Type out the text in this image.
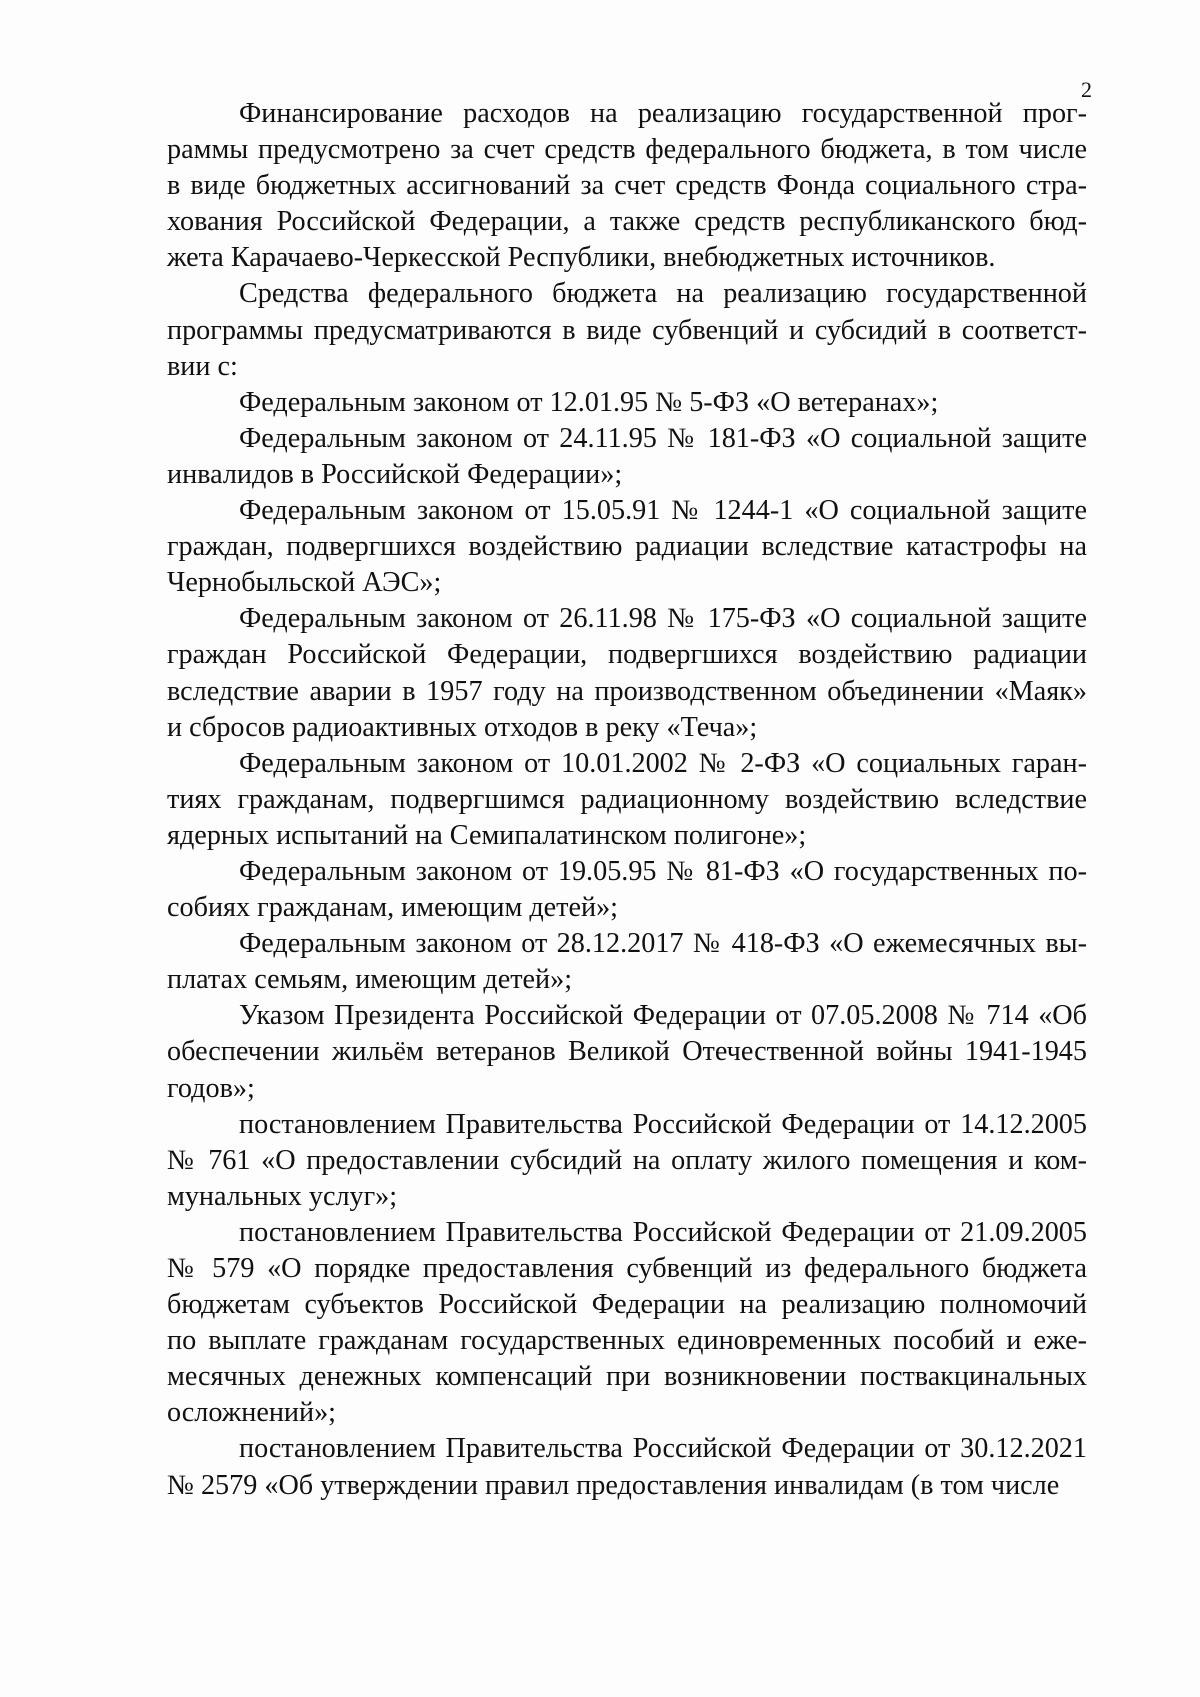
2
Финансирование расходов на реализацию государственной прог-
раммы предусмотрено за счет средств федерального бюджета, в том числе
в виде бюджетных ассигнований за счет средств Фонда социального стра-
хования Российской Федерации, а также средств республиканского бюд-
жета Карачаево-Черкесской Республики, внебюджетных источников.
Средства федерального бюджета на реализацию государственной
программы предусматриваются в виде субвенций и субсидий в соответст-
вии с:
Федеральным законом от 12.01.95 № 5-ФЗ «О ветеранах»;
Федеральным законом от 24.11.95 № 181-ФЗ «О социальной защите
инвалидов в Российской Федерации»;
Федеральным законом от 15.05.91 № 1244-1 «О социальной защите
граждан, подвергшихся воздействию радиации вследствие катастрофы на
Чернобыльской АЭС»;
Федеральным законом от 26.11.98 № 175-ФЗ «О социальной защите
граждан Российской Федерации, подвергшихся воздействию радиации
вследствие аварии в 1957 году на производственном объединении «Маяк»
и сбросов радиоактивных отходов в реку «Теча»;
Федеральным законом от 10.01.2002 № 2-ФЗ «О социальных гаран-
тиях гражданам, подвергшимся радиационному воздействию вследствие
ядерных испытаний на Семипалатинском полигоне»;
Федеральным законом от 19.05.95 № 81-ФЗ «О государственных по-
собиях гражданам, имеющим детей»;
Федеральным законом от 28.12.2017 № 418-ФЗ «О ежемесячных вы-
платах семьям, имеющим детей»;
Указом Президента Российской Федерации от 07.05.2008 № 714 «Об
обеспечении жильём ветеранов Великой Отечественной войны 1941-1945
годов»;
постановлением Правительства Российской Федерации от 14.12.2005
№ 761 «О предоставлении субсидий на оплату жилого помещения и ком-
мунальных услуг»;
постановлением Правительства Российской Федерации от 21.09.2005
№ 579 «О порядке предоставления субвенций из федерального бюджета
бюджетам субъектов Российской Федерации на реализацию полномочий
по выплате гражданам государственных единовременных пособий и еже-
месячных денежных компенсаций при возникновении поствакцинальных
осложнений»;
постановлением Правительства Российской Федерации от 30.12.2021
№ 2579 «Об утверждении правил предоставления инвалидам (в том числе
